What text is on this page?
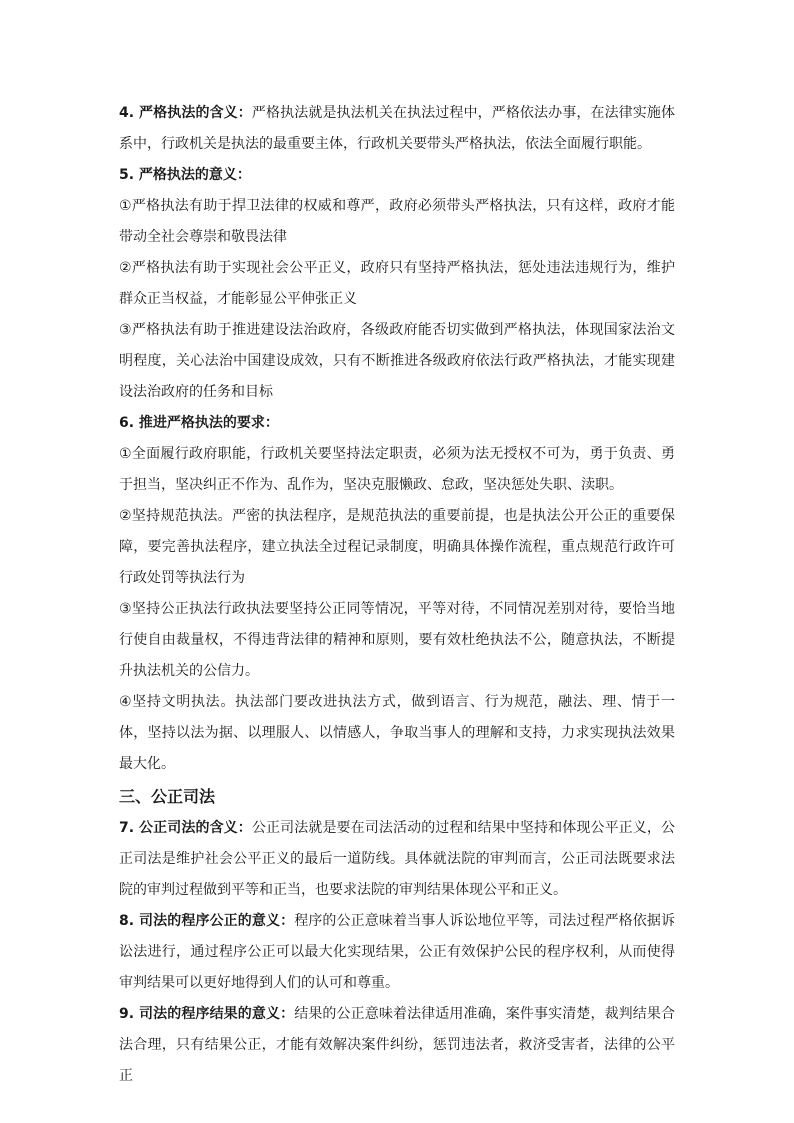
4. 严格执法的含义：严格执法就是执法机关在执法过程中，严格依法办事，在法律实施体系中，行政机关是执法的最重要主体，行政机关要带头严格执法，依法全面履行职能。

5. 严格执法的意义：

①严格执法有助于捍卫法律的权威和尊严，政府必须带头严格执法，只有这样，政府才能带动全社会尊崇和敬畏法律

②严格执法有助于实现社会公平正义，政府只有坚持严格执法，惩处违法违规行为，维护群众正当权益，才能彰显公平伸张正义

③严格执法有助于推进建设法治政府，各级政府能否切实做到严格执法，体现国家法治文明程度，关心法治中国建设成效，只有不断推进各级政府依法行政严格执法，才能实现建设法治政府的任务和目标

6. 推进严格执法的要求：

①全面履行政府职能，行政机关要坚持法定职责，必须为法无授权不可为，勇于负责、勇于担当，坚决纠正不作为、乱作为，坚决克服懒政、怠政，坚决惩处失职、渎职。

②坚持规范执法。严密的执法程序，是规范执法的重要前提，也是执法公开公正的重要保障，要完善执法程序，建立执法全过程记录制度，明确具体操作流程，重点规范行政许可行政处罚等执法行为

③坚持公正执法行政执法要坚持公正同等情况，平等对待，不同情况差别对待，要恰当地行使自由裁量权，不得违背法律的精神和原则，要有效杜绝执法不公，随意执法，不断提升执法机关的公信力。

④坚持文明执法。执法部门要改进执法方式，做到语言、行为规范，融法、理、情于一体，坚持以法为据、以理服人、以情感人，争取当事人的理解和支持，力求实现执法效果最大化。

三、公正司法

7. 公正司法的含义：公正司法就是要在司法活动的过程和结果中坚持和体现公平正义，公正司法是维护社会公平正义的最后一道防线。具体就法院的审判而言，公正司法既要求法院的审判过程做到平等和正当，也要求法院的审判结果体现公平和正义。

8. 司法的程序公正的意义：程序的公正意味着当事人诉讼地位平等，司法过程严格依据诉讼法进行，通过程序公正可以最大化实现结果，公正有效保护公民的程序权利，从而使得审判结果可以更好地得到人们的认可和尊重。

9. 司法的程序结果的意义：结果的公正意味着法律适用准确，案件事实清楚，裁判结果合法合理，只有结果公正，才能有效解决案件纠纷，惩罚违法者，救济受害者，法律的公平正
